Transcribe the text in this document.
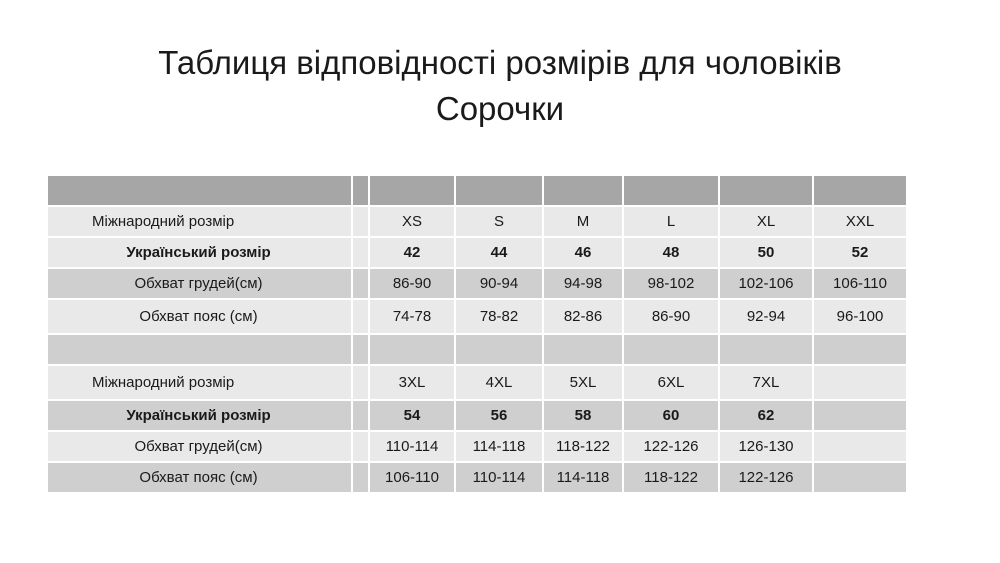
Таблиця відповідності розмірів для чоловіків
Сорочки

Міжнародний розмір		XS	S	M	L	XL	XXL
Український розмір		42	44	46	48	50	52
Обхват грудей(см)		86-90	90-94	94-98	98-102	102-106	106-110
Обхват пояс (см)		74-78	78-82	82-86	86-90	92-94	96-100

Міжнародний розмір		3XL	4XL	5XL	6XL	7XL	
Український розмір		54	56	58	60	62	
Обхват грудей(см)		110-114	114-118	118-122	122-126	126-130	
Обхват пояс (см)		106-110	110-114	114-118	118-122	122-126	
